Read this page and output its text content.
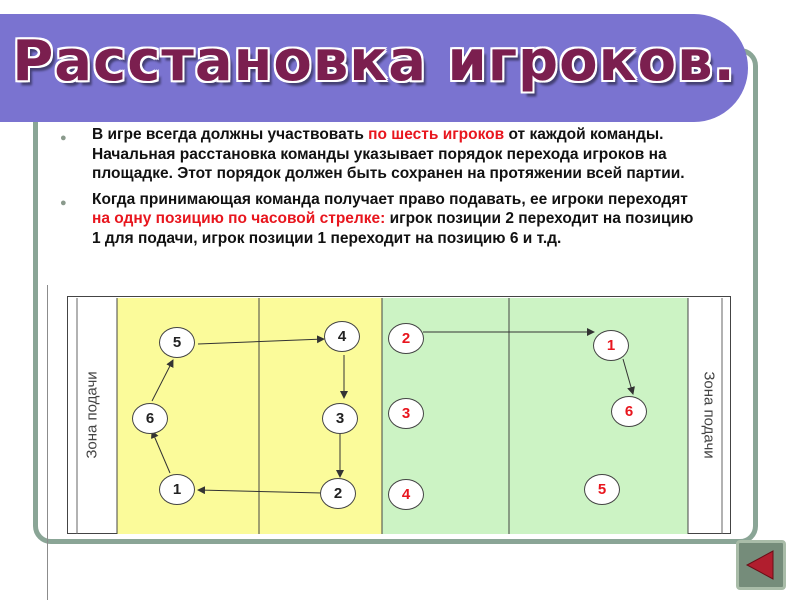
Расстановка игроков.
● В игре всегда должны участвовать по шесть игроков от каждой команды. Начальная расстановка команды указывает порядок перехода игроков на площадке. Этот порядок должен быть сохранен на протяжении всей партии.
● Когда принимающая команда получает право подавать, ее игроки переходят на одну позицию по часовой стрелке: игрок позиции 2 переходит на позицию 1 для подачи, игрок позиции 1 переходит на позицию 6 и т.д.
Зона подачи	Зона подачи
5	4
6	3
1	2
2	1
3	6
4	5
